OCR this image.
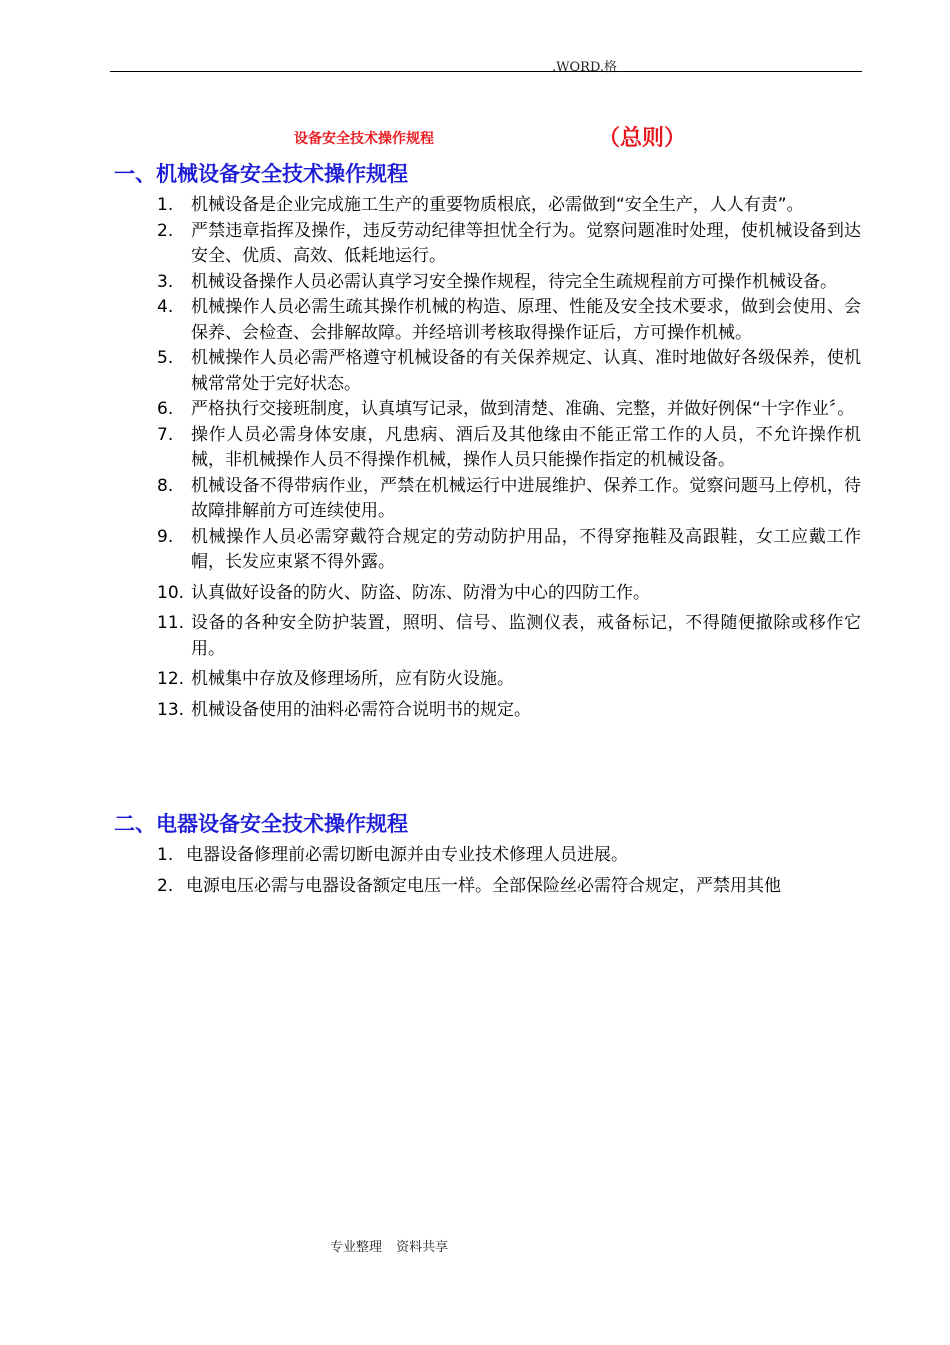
.WORD.格
设备安全技术操作规程	（总则）
一、机械设备安全技术操作规程
1. 机械设备是企业完成施工生产的重要物质根底，必需做到“安全生产，人人有责”。
2. 严禁违章指挥及操作，违反劳动纪律等担忧全行为。觉察问题准时处理，使机械设备到达安全、优质、高效、低耗地运行。
3. 机械设备操作人员必需认真学习安全操作规程，待完全生疏规程前方可操作机械设备。
4. 机械操作人员必需生疏其操作机械的构造、原理、性能及安全技术要求，做到会使用、会保养、会检查、会排解故障。并经培训考核取得操作证后，方可操作机械。
5. 机械操作人员必需严格遵守机械设备的有关保养规定、认真、准时地做好各级保养，使机械常常处于完好状态。
6. 严格执行交接班制度，认真填写记录，做到清楚、准确、完整，并做好例保“十字作业〞。
7. 操作人员必需身体安康，凡患病、酒后及其他缘由不能正常工作的人员，不允许操作机械，非机械操作人员不得操作机械，操作人员只能操作指定的机械设备。
8. 机械设备不得带病作业，严禁在机械运行中进展维护、保养工作。觉察问题马上停机，待故障排解前方可连续使用。
9. 机械操作人员必需穿戴符合规定的劳动防护用品，不得穿拖鞋及高跟鞋，女工应戴工作帽，长发应束紧不得外露。
10. 认真做好设备的防火、防盗、防冻、防滑为中心的四防工作。
11. 设备的各种安全防护装置，照明、信号、监测仪表，戒备标记，不得随便撤除或移作它用。
12. 机械集中存放及修理场所，应有防火设施。
13. 机械设备使用的油料必需符合说明书的规定。
二、电器设备安全技术操作规程
1. 电器设备修理前必需切断电源并由专业技术修理人员进展。
2. 电源电压必需与电器设备额定电压一样。全部保险丝必需符合规定，严禁用其他
专业整理 资料共享
